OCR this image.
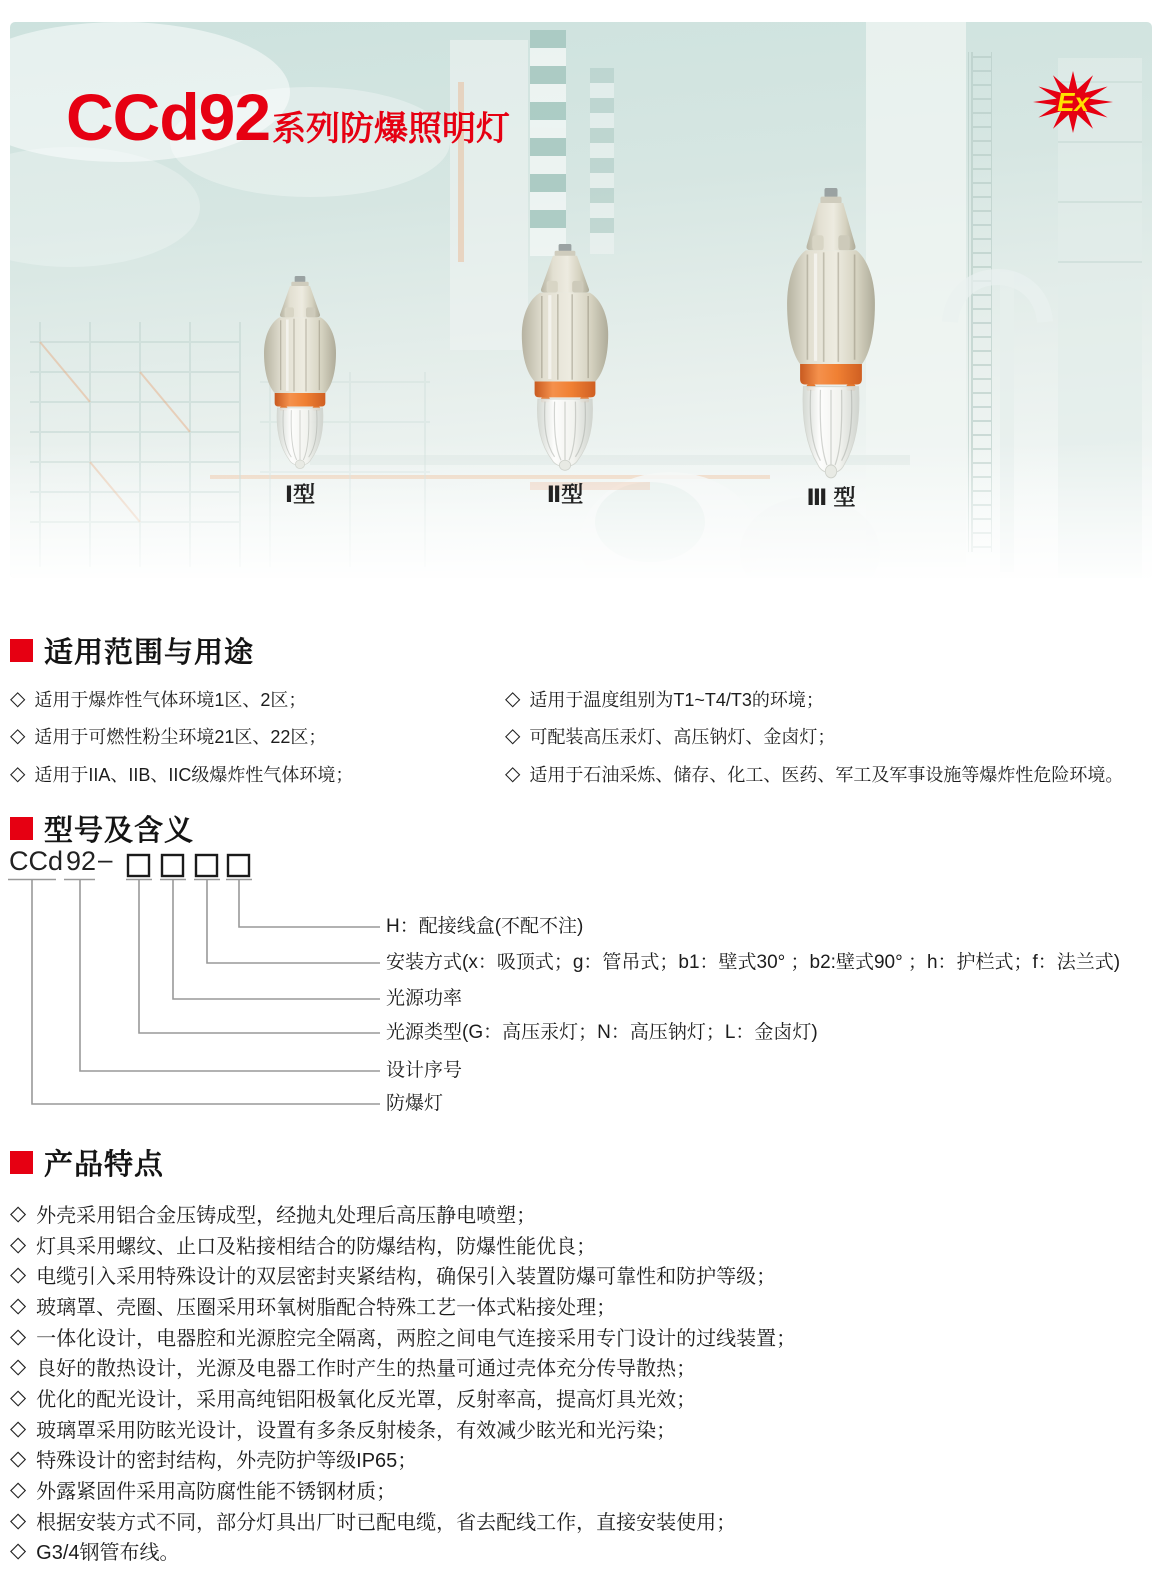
CCd92 系列防爆照明灯
Ex
Ⅰ型	Ⅱ型	Ⅲ 型
适用范围与用途
◇ 适用于爆炸性气体环境1区、2区；
◇ 适用于可燃性粉尘环境21区、22区；
◇ 适用于IIA、IIB、IIC级爆炸性气体环境；
◇ 适用于温度组别为T1~T4/T3的环境；
◇ 可配装高压汞灯、高压钠灯、金卤灯；
◇ 适用于石油采炼、储存、化工、医药、军工及军事设施等爆炸性危险环境。
型号及含义
CCd 92 –
H：配接线盒(不配不注)
安装方式(x：吸顶式；g：管吊式；b1：壁式30° ；b2:壁式90° ；h：护栏式；f：法兰式)
光源功率
光源类型(G：高压汞灯；N：高压钠灯；L：金卤灯)
设计序号
防爆灯
产品特点
◇ 外壳采用铝合金压铸成型，经抛丸处理后高压静电喷塑；
◇ 灯具采用螺纹、止口及粘接相结合的防爆结构，防爆性能优良；
◇ 电缆引入采用特殊设计的双层密封夹紧结构，确保引入装置防爆可靠性和防护等级；
◇ 玻璃罩、壳圈、压圈采用环氧树脂配合特殊工艺一体式粘接处理；
◇ 一体化设计，电器腔和光源腔完全隔离，两腔之间电气连接采用专门设计的过线装置；
◇ 良好的散热设计，光源及电器工作时产生的热量可通过壳体充分传导散热；
◇ 优化的配光设计，采用高纯铝阳极氧化反光罩，反射率高，提高灯具光效；
◇ 玻璃罩采用防眩光设计，设置有多条反射棱条，有效减少眩光和光污染；
◇ 特殊设计的密封结构，外壳防护等级IP65；
◇ 外露紧固件采用高防腐性能不锈钢材质；
◇ 根据安装方式不同，部分灯具出厂时已配电缆，省去配线工作，直接安装使用；
◇ G3/4钢管布线。
